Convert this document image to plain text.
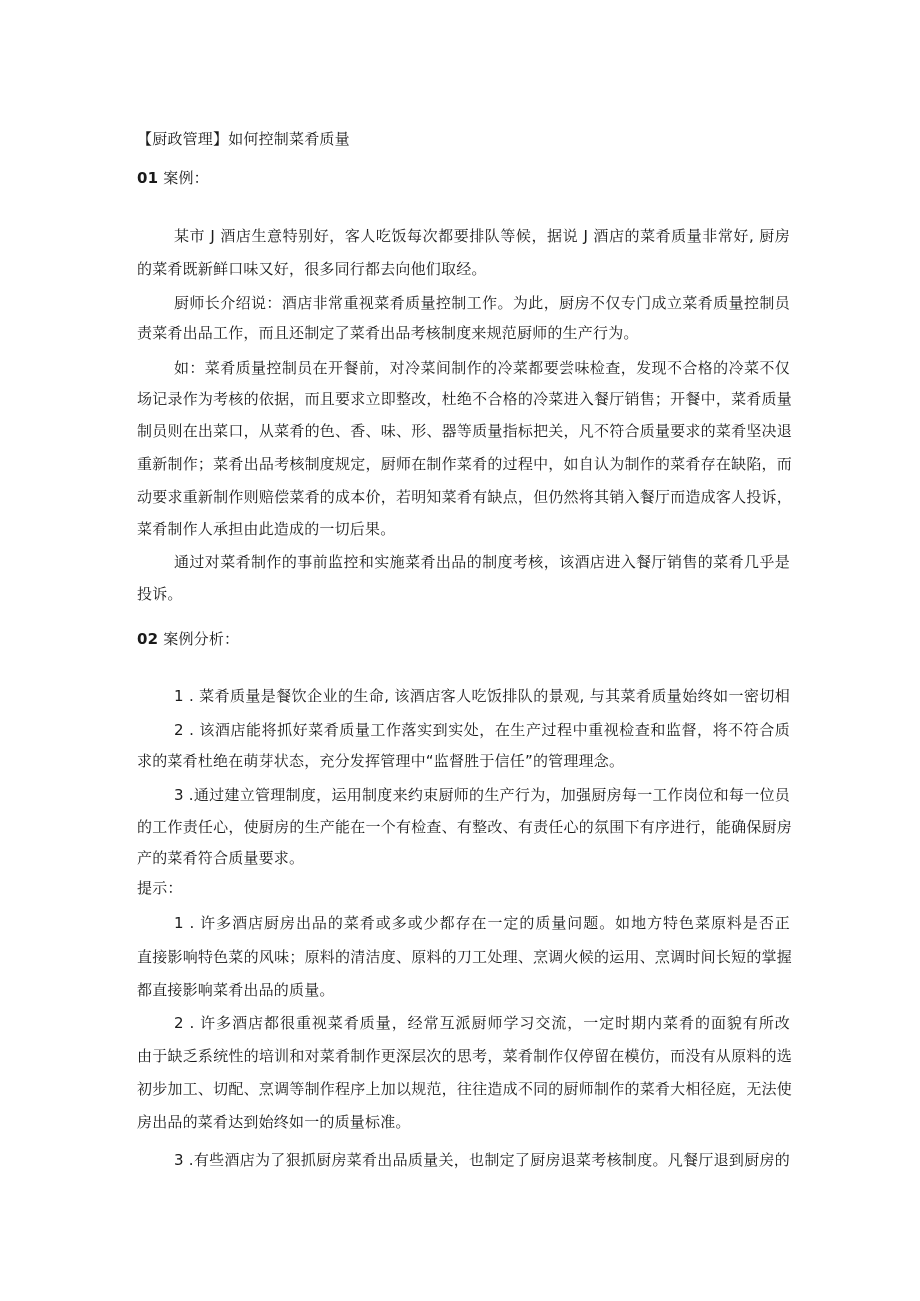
【厨政管理】如何控制菜肴质量
01 案例：
某市 J 酒店生意特别好，客人吃饭每次都要排队等候，据说 J 酒店的菜肴质量非常好, 厨房
的菜肴既新鲜口味又好，很多同行都去向他们取经。
厨师长介绍说：酒店非常重视菜肴质量控制工作。为此，厨房不仅专门成立菜肴质量控制员
责菜肴出品工作，而且还制定了菜肴出品考核制度来规范厨师的生产行为。
如：菜肴质量控制员在开餐前，对冷菜间制作的冷菜都要尝味检查，发现不合格的冷菜不仅
场记录作为考核的依据，而且要求立即整改，杜绝不合格的冷菜进入餐厅销售；开餐中，菜肴质量
制员则在出菜口，从菜肴的色、香、味、形、器等质量指标把关，凡不符合质量要求的菜肴坚决退
重新制作；菜肴出品考核制度规定，厨师在制作菜肴的过程中，如自认为制作的菜肴存在缺陷，而
动要求重新制作则赔偿菜肴的成本价，若明知菜肴有缺点，但仍然将其销入餐厅而造成客人投诉，
菜肴制作人承担由此造成的一切后果。
通过对菜肴制作的事前监控和实施菜肴出品的制度考核，该酒店进入餐厅销售的菜肴几乎是
投诉。
02 案例分析：
1 . 菜肴质量是餐饮企业的生命, 该酒店客人吃饭排队的景观, 与其菜肴质量始终如一密切相
2 . 该酒店能将抓好菜肴质量工作落实到实处，在生产过程中重视检查和监督，将不符合质
求的菜肴杜绝在萌芽状态，充分发挥管理中“监督胜于信任”的管理理念。
3 .通过建立管理制度，运用制度来约束厨师的生产行为，加强厨房每一工作岗位和每一位员
的工作责任心，使厨房的生产能在一个有检查、有整改、有责任心的氛围下有序进行，能确保厨房
产的菜肴符合质量要求。
提示：
1 . 许多酒店厨房出品的菜肴或多或少都存在一定的质量问题。如地方特色菜原料是否正
直接影响特色菜的风味；原料的清洁度、原料的刀工处理、烹调火候的运用、烹调时间长短的掌握
都直接影响菜肴出品的质量。
2 . 许多酒店都很重视菜肴质量，经常互派厨师学习交流，一定时期内菜肴的面貌有所改
由于缺乏系统性的培训和对菜肴制作更深层次的思考，菜肴制作仅停留在模仿，而没有从原料的选
初步加工、切配、烹调等制作程序上加以规范，往往造成不同的厨师制作的菜肴大相径庭，无法使
房出品的菜肴达到始终如一的质量标准。
3 .有些酒店为了狠抓厨房菜肴出品质量关，也制定了厨房退菜考核制度。凡餐厅退到厨房的
